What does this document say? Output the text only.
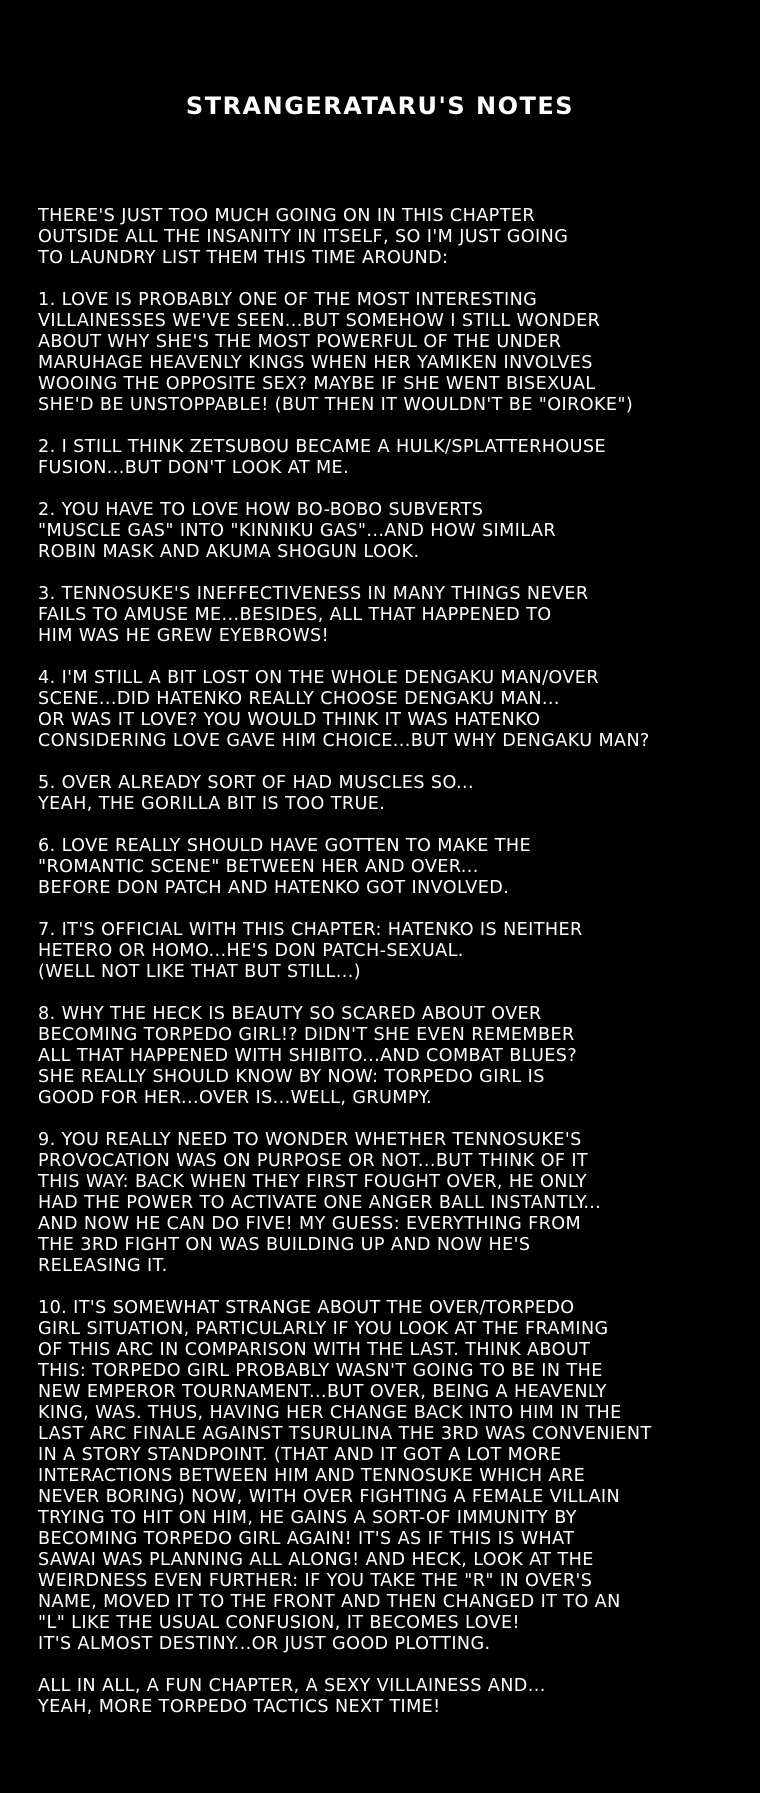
STRANGERATARU'S NOTES
THERE'S JUST TOO MUCH GOING ON IN THIS CHAPTER
OUTSIDE ALL THE INSANITY IN ITSELF, SO I'M JUST GOING
TO LAUNDRY LIST THEM THIS TIME AROUND:
1. LOVE IS PROBABLY ONE OF THE MOST INTERESTING
VILLAINESSES WE'VE SEEN...BUT SOMEHOW I STILL WONDER
ABOUT WHY SHE'S THE MOST POWERFUL OF THE UNDER
MARUHAGE HEAVENLY KINGS WHEN HER YAMIKEN INVOLVES
WOOING THE OPPOSITE SEX? MAYBE IF SHE WENT BISEXUAL
SHE'D BE UNSTOPPABLE! (BUT THEN IT WOULDN'T BE "OIROKE")
2. I STILL THINK ZETSUBOU BECAME A HULK/SPLATTERHOUSE
FUSION...BUT DON'T LOOK AT ME.
2. YOU HAVE TO LOVE HOW BO-BOBO SUBVERTS
"MUSCLE GAS" INTO "KINNIKU GAS"...AND HOW SIMILAR
ROBIN MASK AND AKUMA SHOGUN LOOK.
3. TENNOSUKE'S INEFFECTIVENESS IN MANY THINGS NEVER
FAILS TO AMUSE ME...BESIDES, ALL THAT HAPPENED TO
HIM WAS HE GREW EYEBROWS!
4. I'M STILL A BIT LOST ON THE WHOLE DENGAKU MAN/OVER
SCENE...DID HATENKO REALLY CHOOSE DENGAKU MAN...
OR WAS IT LOVE? YOU WOULD THINK IT WAS HATENKO
CONSIDERING LOVE GAVE HIM CHOICE...BUT WHY DENGAKU MAN?
5. OVER ALREADY SORT OF HAD MUSCLES SO...
YEAH, THE GORILLA BIT IS TOO TRUE.
6. LOVE REALLY SHOULD HAVE GOTTEN TO MAKE THE
"ROMANTIC SCENE" BETWEEN HER AND OVER...
BEFORE DON PATCH AND HATENKO GOT INVOLVED.
7. IT'S OFFICIAL WITH THIS CHAPTER: HATENKO IS NEITHER
HETERO OR HOMO...HE'S DON PATCH-SEXUAL.
(WELL NOT LIKE THAT BUT STILL...)
8. WHY THE HECK IS BEAUTY SO SCARED ABOUT OVER
BECOMING TORPEDO GIRL!? DIDN'T SHE EVEN REMEMBER
ALL THAT HAPPENED WITH SHIBITO...AND COMBAT BLUES?
SHE REALLY SHOULD KNOW BY NOW: TORPEDO GIRL IS
GOOD FOR HER...OVER IS...WELL, GRUMPY.
9. YOU REALLY NEED TO WONDER WHETHER TENNOSUKE'S
PROVOCATION WAS ON PURPOSE OR NOT...BUT THINK OF IT
THIS WAY: BACK WHEN THEY FIRST FOUGHT OVER, HE ONLY
HAD THE POWER TO ACTIVATE ONE ANGER BALL INSTANTLY...
AND NOW HE CAN DO FIVE! MY GUESS: EVERYTHING FROM
THE 3RD FIGHT ON WAS BUILDING UP AND NOW HE'S
RELEASING IT.
10. IT'S SOMEWHAT STRANGE ABOUT THE OVER/TORPEDO
GIRL SITUATION, PARTICULARLY IF YOU LOOK AT THE FRAMING
OF THIS ARC IN COMPARISON WITH THE LAST. THINK ABOUT
THIS: TORPEDO GIRL PROBABLY WASN'T GOING TO BE IN THE
NEW EMPEROR TOURNAMENT...BUT OVER, BEING A HEAVENLY
KING, WAS. THUS, HAVING HER CHANGE BACK INTO HIM IN THE
LAST ARC FINALE AGAINST TSURULINA THE 3RD WAS CONVENIENT
IN A STORY STANDPOINT. (THAT AND IT GOT A LOT MORE
INTERACTIONS BETWEEN HIM AND TENNOSUKE WHICH ARE
NEVER BORING) NOW, WITH OVER FIGHTING A FEMALE VILLAIN
TRYING TO HIT ON HIM, HE GAINS A SORT-OF IMMUNITY BY
BECOMING TORPEDO GIRL AGAIN! IT'S AS IF THIS IS WHAT
SAWAI WAS PLANNING ALL ALONG! AND HECK, LOOK AT THE
WEIRDNESS EVEN FURTHER: IF YOU TAKE THE "R" IN OVER'S
NAME, MOVED IT TO THE FRONT AND THEN CHANGED IT TO AN
"L" LIKE THE USUAL CONFUSION, IT BECOMES LOVE!
IT'S ALMOST DESTINY...OR JUST GOOD PLOTTING.
ALL IN ALL, A FUN CHAPTER, A SEXY VILLAINESS AND...
YEAH, MORE TORPEDO TACTICS NEXT TIME!
